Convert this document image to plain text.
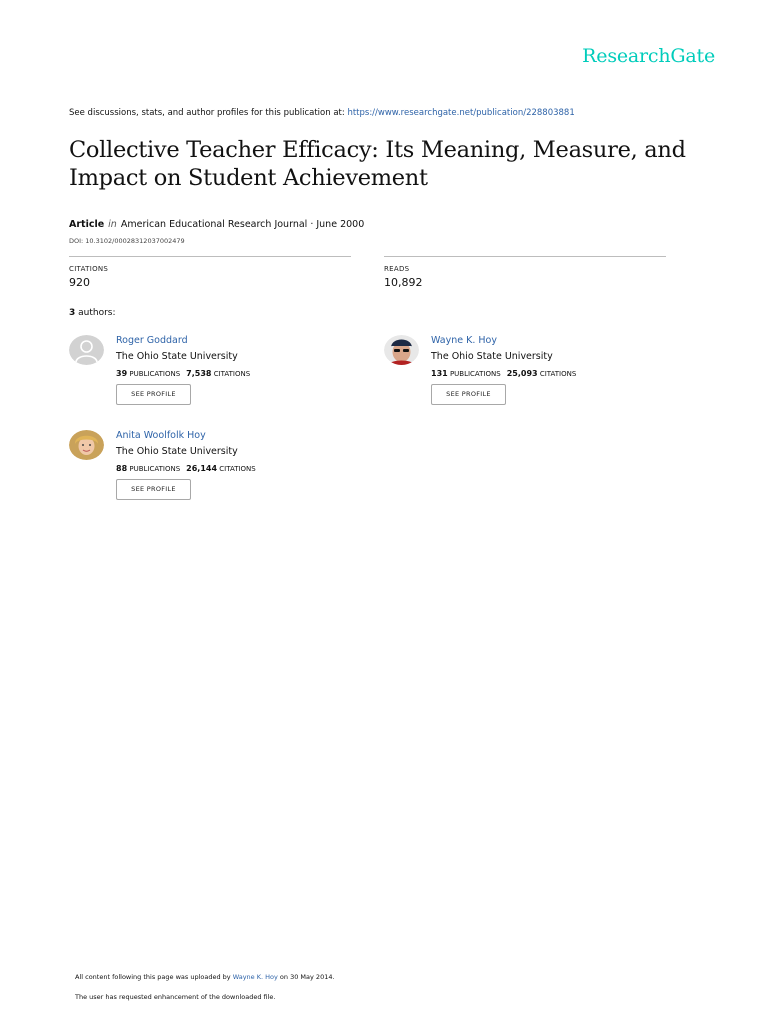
ResearchGate
See discussions, stats, and author profiles for this publication at: https://www.researchgate.net/publication/228803881
Collective Teacher Efficacy: Its Meaning, Measure, and
Impact on Student Achievement
Article in American Educational Research Journal · June 2000
DOI: 10.3102/00028312037002479
CITATIONS
920
READS
10,892
3 authors:
Roger Goddard
The Ohio State University
39 PUBLICATIONS 7,538 CITATIONS
SEE PROFILE
Wayne K. Hoy
The Ohio State University
131 PUBLICATIONS 25,093 CITATIONS
SEE PROFILE
Anita Woolfolk Hoy
The Ohio State University
88 PUBLICATIONS 26,144 CITATIONS
SEE PROFILE
All content following this page was uploaded by Wayne K. Hoy on 30 May 2014.
The user has requested enhancement of the downloaded file.
